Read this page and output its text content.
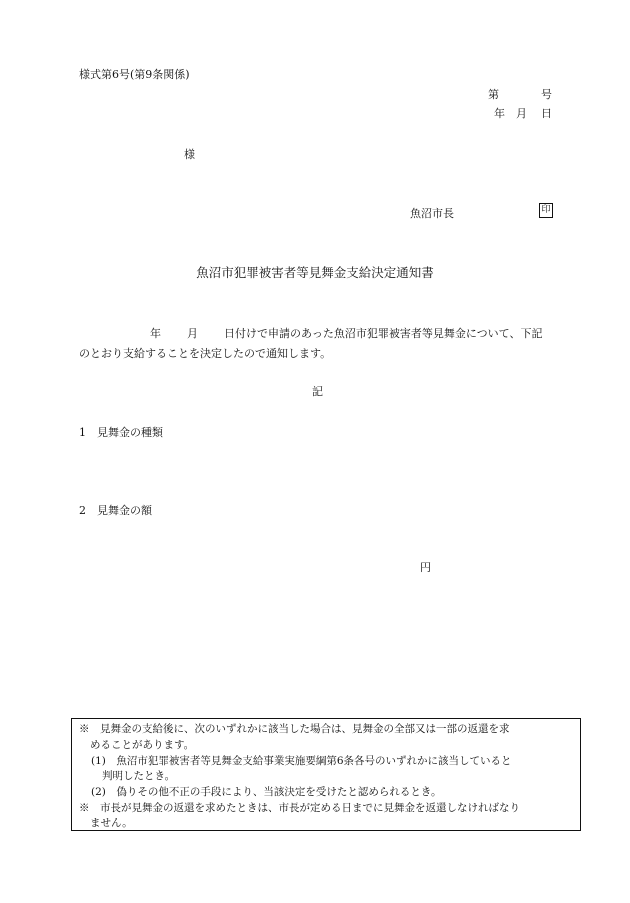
様式第6号(第9条関係)
第	号
年 月 日
様
魚沼市長	印
魚沼市犯罪被害者等見舞金支給決定通知書
年 月 日付けで申請のあった魚沼市犯罪被害者等見舞金について、下記
のとおり支給することを決定したので通知します。
記
1　見舞金の種類
2　見舞金の額
円
※　見舞金の支給後に、次のいずれかに該当した場合は、見舞金の全部又は一部の返還を求
めることがあります。
(1)　魚沼市犯罪被害者等見舞金支給事業実施要綱第6条各号のいずれかに該当していると
判明したとき。
(2)　偽りその他不正の手段により、当該決定を受けたと認められるとき。
※　市長が見舞金の返還を求めたときは、市長が定める日までに見舞金を返還しなければなり
ません。
